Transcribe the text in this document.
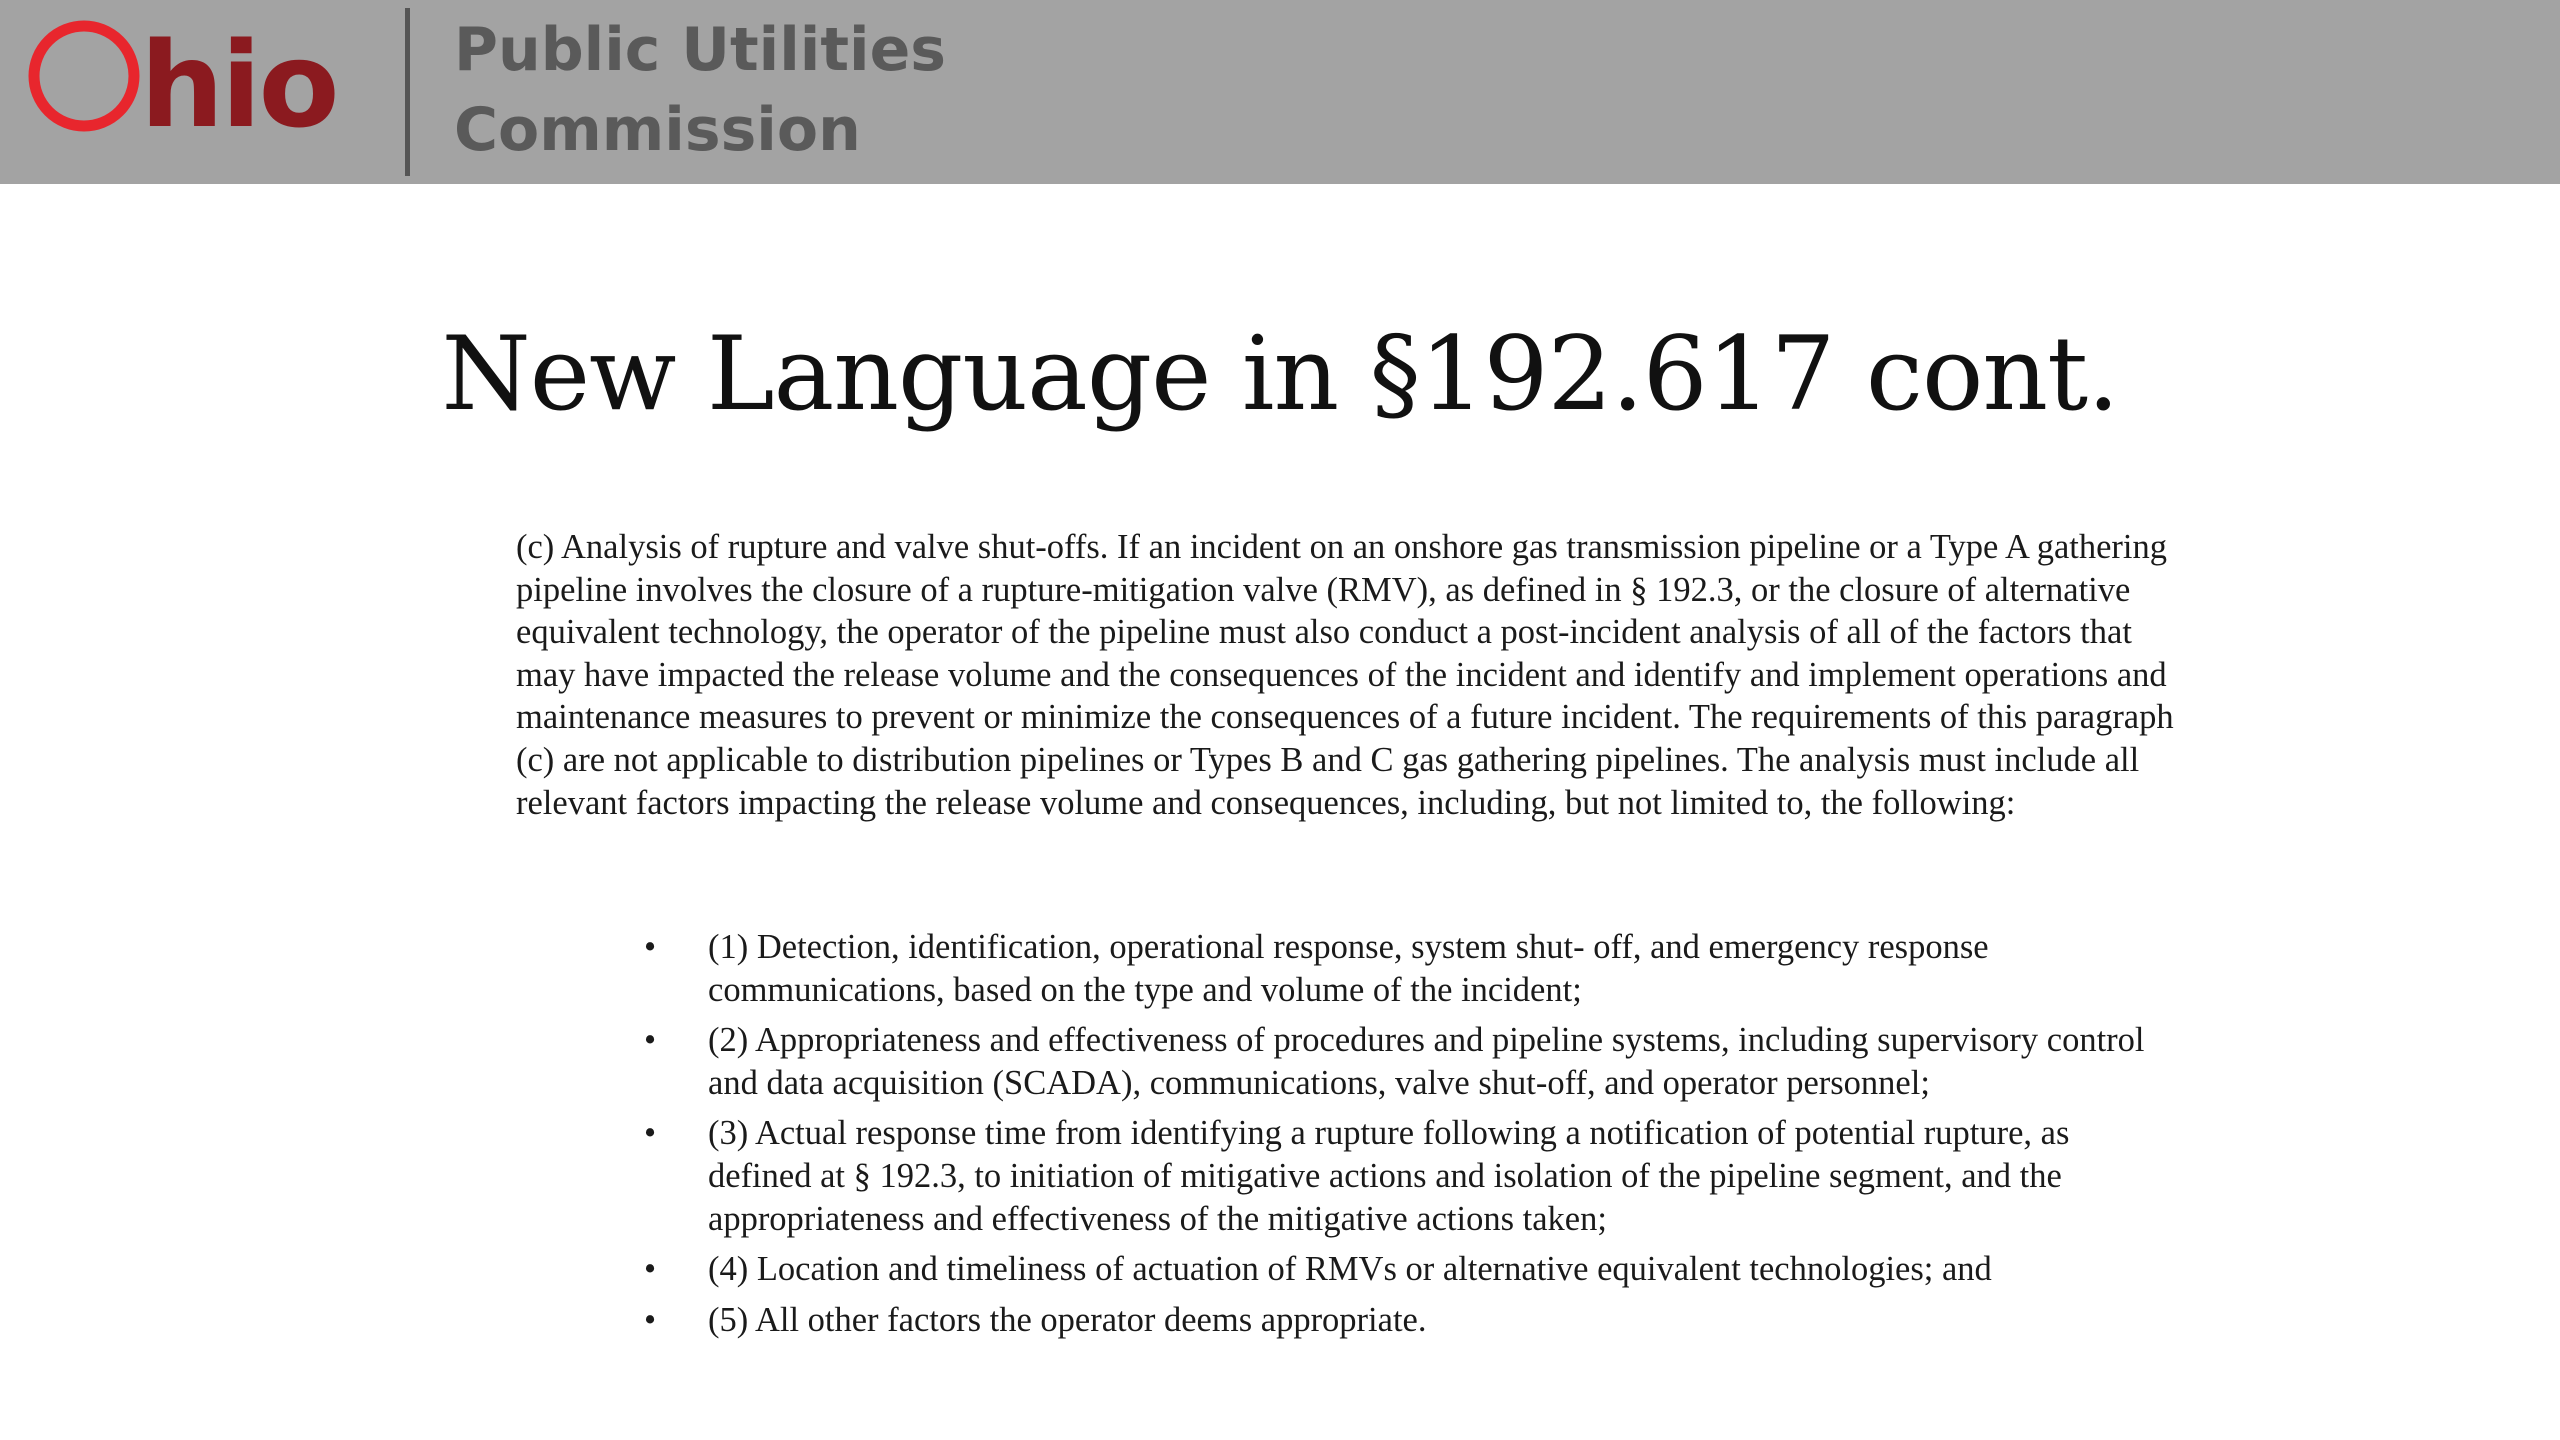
hio Public Utilities
Commission
New Language in §192.617 cont.

(c) Analysis of rupture and valve shut-offs. If an incident on an onshore gas transmission pipeline or a Type A gathering pipeline involves the closure of a rupture-mitigation valve (RMV), as defined in § 192.3, or the closure of alternative equivalent technology, the operator of the pipeline must also conduct a post-incident analysis of all of the factors that may have impacted the release volume and the consequences of the incident and identify and implement operations and maintenance measures to prevent or minimize the consequences of a future incident. The requirements of this paragraph (c) are not applicable to distribution pipelines or Types B and C gas gathering pipelines. The analysis must include all relevant factors impacting the release volume and consequences, including, but not limited to, the following:

• (1) Detection, identification, operational response, system shut- off, and emergency response communications, based on the type and volume of the incident;
• (2) Appropriateness and effectiveness of procedures and pipeline systems, including supervisory control and data acquisition (SCADA), communications, valve shut-off, and operator personnel;
• (3) Actual response time from identifying a rupture following a notification of potential rupture, as defined at § 192.3, to initiation of mitigative actions and isolation of the pipeline segment, and the appropriateness and effectiveness of the mitigative actions taken;
• (4) Location and timeliness of actuation of RMVs or alternative equivalent technologies; and
• (5) All other factors the operator deems appropriate.
